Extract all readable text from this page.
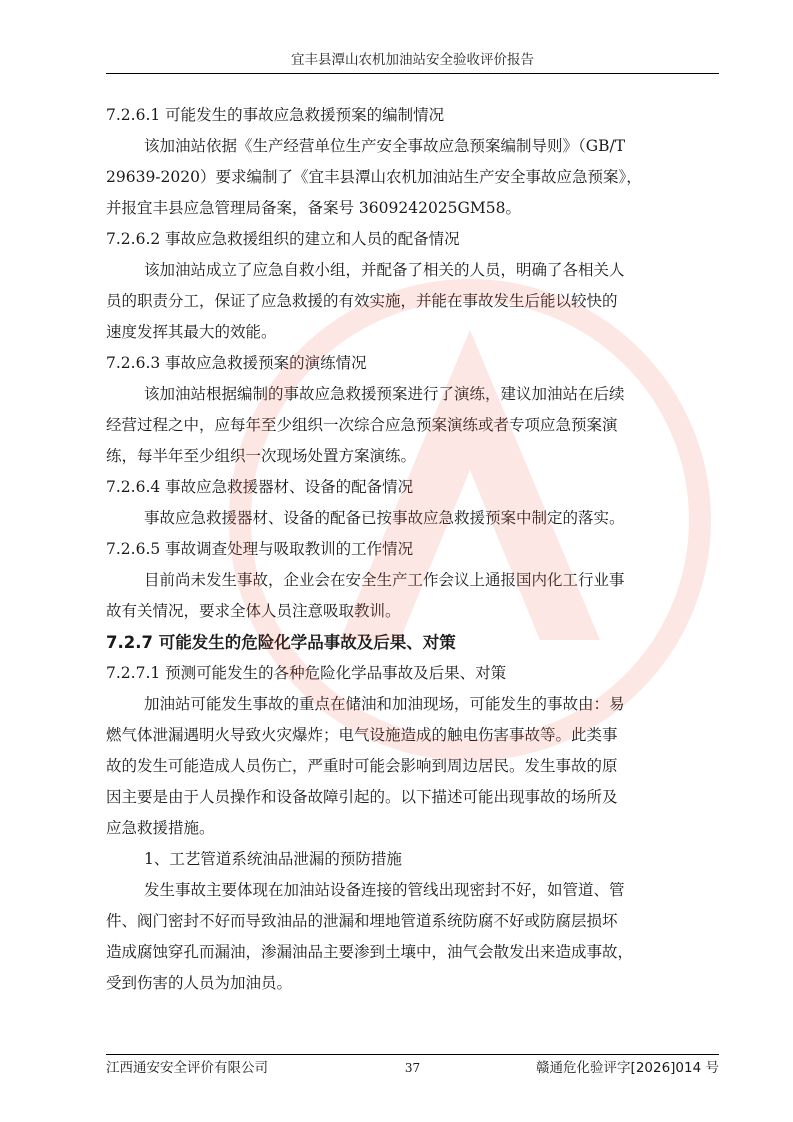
宜丰县潭山农机加油站安全验收评价报告
7.2.6.1 可能发生的事故应急救援预案的编制情况
该加油站依据《生产经营单位生产安全事故应急预案编制导则》（GB/T
29639-2020）要求编制了《宜丰县潭山农机加油站生产安全事故应急预案》，
并报宜丰县应急管理局备案，备案号 3609242025GM58。
7.2.6.2 事故应急救援组织的建立和人员的配备情况
该加油站成立了应急自救小组，并配备了相关的人员，明确了各相关人
员的职责分工，保证了应急救援的有效实施，并能在事故发生后能以较快的
速度发挥其最大的效能。
7.2.6.3 事故应急救援预案的演练情况
该加油站根据编制的事故应急救援预案进行了演练，建议加油站在后续
经营过程之中，应每年至少组织一次综合应急预案演练或者专项应急预案演
练，每半年至少组织一次现场处置方案演练。
7.2.6.4 事故应急救援器材、设备的配备情况
事故应急救援器材、设备的配备已按事故应急救援预案中制定的落实。
7.2.6.5 事故调查处理与吸取教训的工作情况
目前尚未发生事故，企业会在安全生产工作会议上通报国内化工行业事
故有关情况，要求全体人员注意吸取教训。
7.2.7 可能发生的危险化学品事故及后果、对策
7.2.7.1 预测可能发生的各种危险化学品事故及后果、对策
加油站可能发生事故的重点在储油和加油现场，可能发生的事故由：易
燃气体泄漏遇明火导致火灾爆炸；电气设施造成的触电伤害事故等。此类事
故的发生可能造成人员伤亡，严重时可能会影响到周边居民。发生事故的原
因主要是由于人员操作和设备故障引起的。以下描述可能出现事故的场所及
应急救援措施。
1、工艺管道系统油品泄漏的预防措施
发生事故主要体现在加油站设备连接的管线出现密封不好，如管道、管
件、阀门密封不好而导致油品的泄漏和埋地管道系统防腐不好或防腐层损坏
造成腐蚀穿孔而漏油，渗漏油品主要渗到土壤中，油气会散发出来造成事故，
受到伤害的人员为加油员。
江西通安安全评价有限公司	37	赣通危化验评字[2026]014 号
